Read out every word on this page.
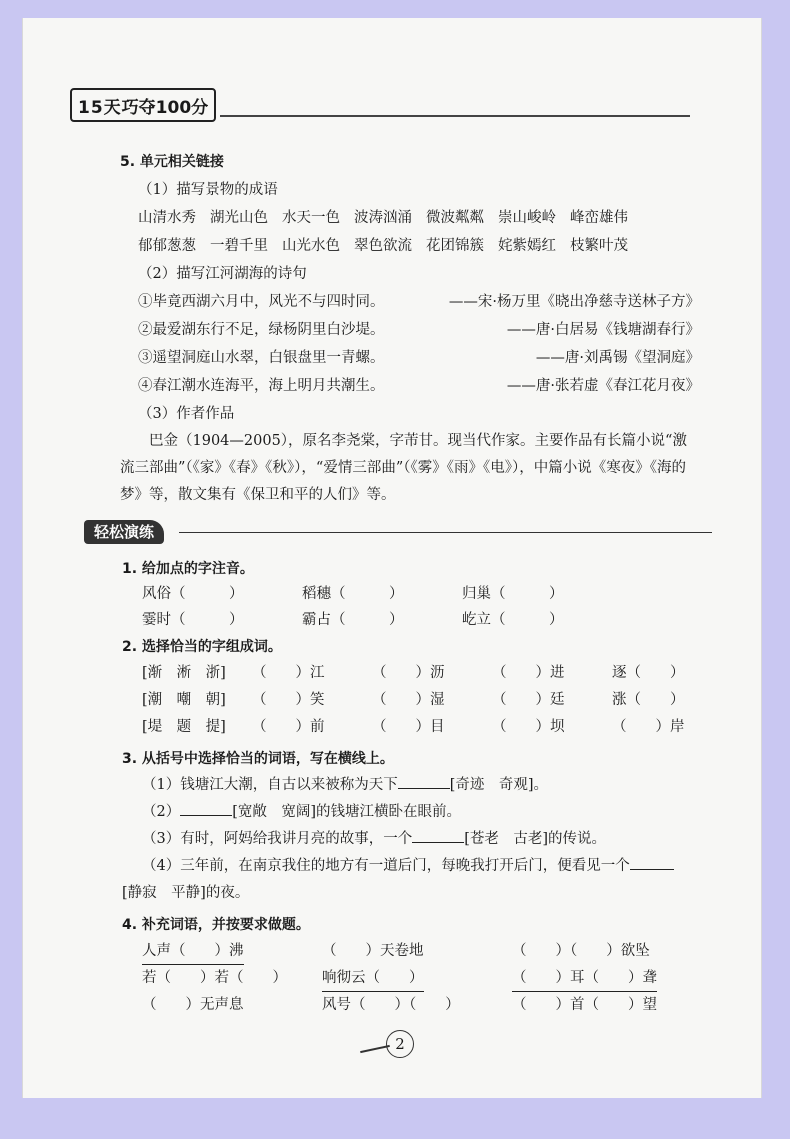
15天 巧夺100分
5. 单元相关链接
（1）描写景物的成语
山清水秀 湖光山色 水天一色 波涛汹涌 微波粼粼 崇山峻岭 峰峦雄伟
郁郁葱葱 一碧千里 山光水色 翠色欲流 花团锦簇 姹紫嫣红 枝繁叶茂
（2）描写江河湖海的诗句
①毕竟西湖六月中，风光不与四时同。	——宋·杨万里《晓出净慈寺送林子方》
②最爱湖东行不足，绿杨阴里白沙堤。	——唐·白居易《钱塘湖春行》
③遥望洞庭山水翠，白银盘里一青螺。	——唐·刘禹锡《望洞庭》
④春江潮水连海平，海上明月共潮生。	——唐·张若虚《春江花月夜》
（3）作者作品
巴金（1904—2005），原名李尧棠，字芾甘。现当代作家。主要作品有长篇小说“激流三部曲”（《家》《春》《秋》），“爱情三部曲”（《雾》《雨》《电》），中篇小说《寒夜》《海的梦》等，散文集有《保卫和平的人们》等。
轻松演练
1. 给加点的字注音。
风俗（　　　）	稻穗（　　　）	归巢（　　　）
霎时（　　　）	霸占（　　　）	屹立（　　　）
2. 选择恰当的字组成词。
[渐　淅　浙]	（　　）江	（　　）沥	（　　）进	逐（　　）
[潮　嘲　朝]	（　　）笑	（　　）湿	（　　）廷	涨（　　）
[堤　题　提]	（　　）前	（　　）目	（　　）坝	（　　）岸
3. 从括号中选择恰当的词语，写在横线上。

（1）钱塘江大潮，自古以来被称为天下	[奇迹　奇观]。

（2）	[宽敞　宽阔]的钱塘江横卧在眼前。

（3）有时，阿妈给我讲月亮的故事，一个	[苍老　古老]的传说。

（4）三年前，在南京我住的地方有一道后门，每晚我打开后门，便看见一个

[静寂　平静]的夜。

4. 补充词语，并按要求做题。
人声（　　）沸	（　　）天卷地	（　　）（　　）欲坠
若（　　）若（　　）	响彻云（　　）	（　　）耳（　　）聋
（　　）无声息	风号（　　）（　　）	（　　）首（　　）望
2
